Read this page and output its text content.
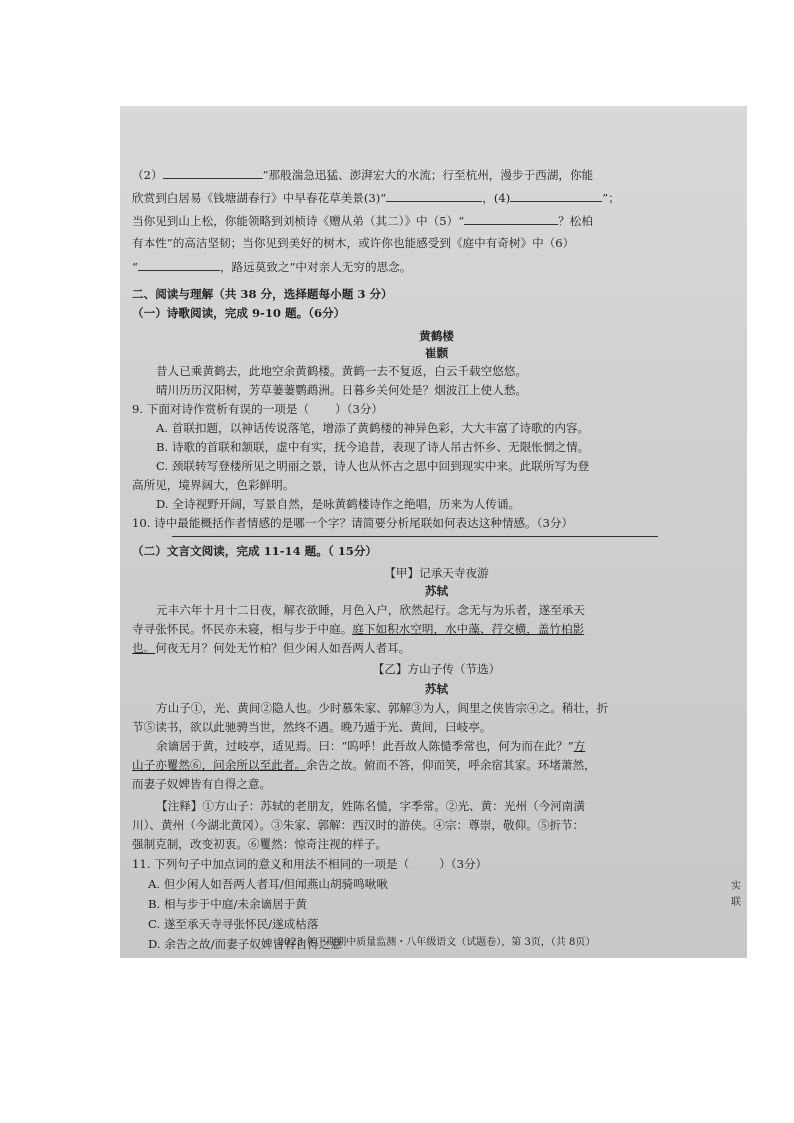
（2）	”那般湍急迅猛、澎湃宏大的水流；行至杭州，漫步于西湖，你能
欣赏到白居易《钱塘湖春行》中早春花草美景(3)“	，(4)	”；
当你见到山上松，你能领略到刘桢诗《赠从弟（其二）》中（5）“	？松柏
有本性”的高洁坚韧；当你见到美好的树木，或许你也能感受到《庭中有奇树》中（6）
“	，路远莫致之”中对亲人无穷的思念。
二、阅读与理解（共 38 分，选择题每小题 3 分）
（一）诗歌阅读，完成 9-10 题。（6分）
黄鹤楼
崔颢
昔人已乘黄鹤去，此地空余黄鹤楼。黄鹤一去不复返，白云千载空悠悠。
晴川历历汉阳树，芳草萋萋鹦鹉洲。日暮乡关何处是？烟波江上使人愁。
9. 下面对诗作赏析有误的一项是（ ）（3分）
A. 首联扣题，以神话传说落笔，增添了黄鹤楼的神异色彩，大大丰富了诗歌的内容。
B. 诗歌的首联和颔联，虚中有实，抚今追昔，表现了诗人吊古怀乡、无限怅惘之情。
C. 颈联转写登楼所见之明丽之景，诗人也从怀古之思中回到现实中来。此联所写为登
高所见，境界阔大，色彩鲜明。
D. 全诗视野开阔，写景自然，是咏黄鹤楼诗作之绝唱，历来为人传诵。
10. 诗中最能概括作者情感的是哪一个字？请简要分析尾联如何表达这种情感。（3分）
（二）文言文阅读，完成 11-14 题。（ 15分）
【甲】记承天寺夜游
苏轼
元丰六年十月十二日夜，解衣欲睡，月色入户，欣然起行。念无与为乐者，遂至承天
寺寻张怀民。怀民亦未寝，相与步于中庭。庭下如积水空明，水中藻、荇交横，盖竹柏影
也。何夜无月？何处无竹柏？但少闲人如吾两人者耳。
【乙】方山子传（节选）
苏轼
方山子①，光、黄间②隐人也。少时慕朱家、郭解③为人，闾里之侠皆宗④之。稍壮，折
节⑤读书，欲以此驰骋当世，然终不遇。晚乃遁于光、黄间，曰岐亭。
余谪居于黄，过岐亭，适见焉。曰：“呜呼！此吾故人陈慥季常也，何为而在此？”方
山子亦矍然⑥，问余所以至此者。余告之故。俯而不答，仰而笑，呼余宿其家。环堵萧然，
而妻子奴婢皆有自得之意。
【注释】①方山子：苏轼的老朋友，姓陈名慥，字季常。②光、黄：光州（今河南潢
川）、黄州（今湖北黄冈）。③朱家、郭解：西汉时的游侠。④宗：尊崇，敬仰。⑤折节：
强制克制，改变初衷。⑥矍然：惊奇注视的样子。
11. 下列句子中加点词的意义和用法不相同的一项是（	）（3分）
A. 但少闲人如吾两人者耳/但闻燕山胡骑鸣啾啾
B. 相与步于中庭/未余谪居于黄
C. 遂至承天寺寻张怀民/遂成枯落
D. 余告之故/而妻子奴婢皆有自得之意
2023 年下期期中质量监测・八年级语文（试题卷），第 3页，（共 8页）
实
联
